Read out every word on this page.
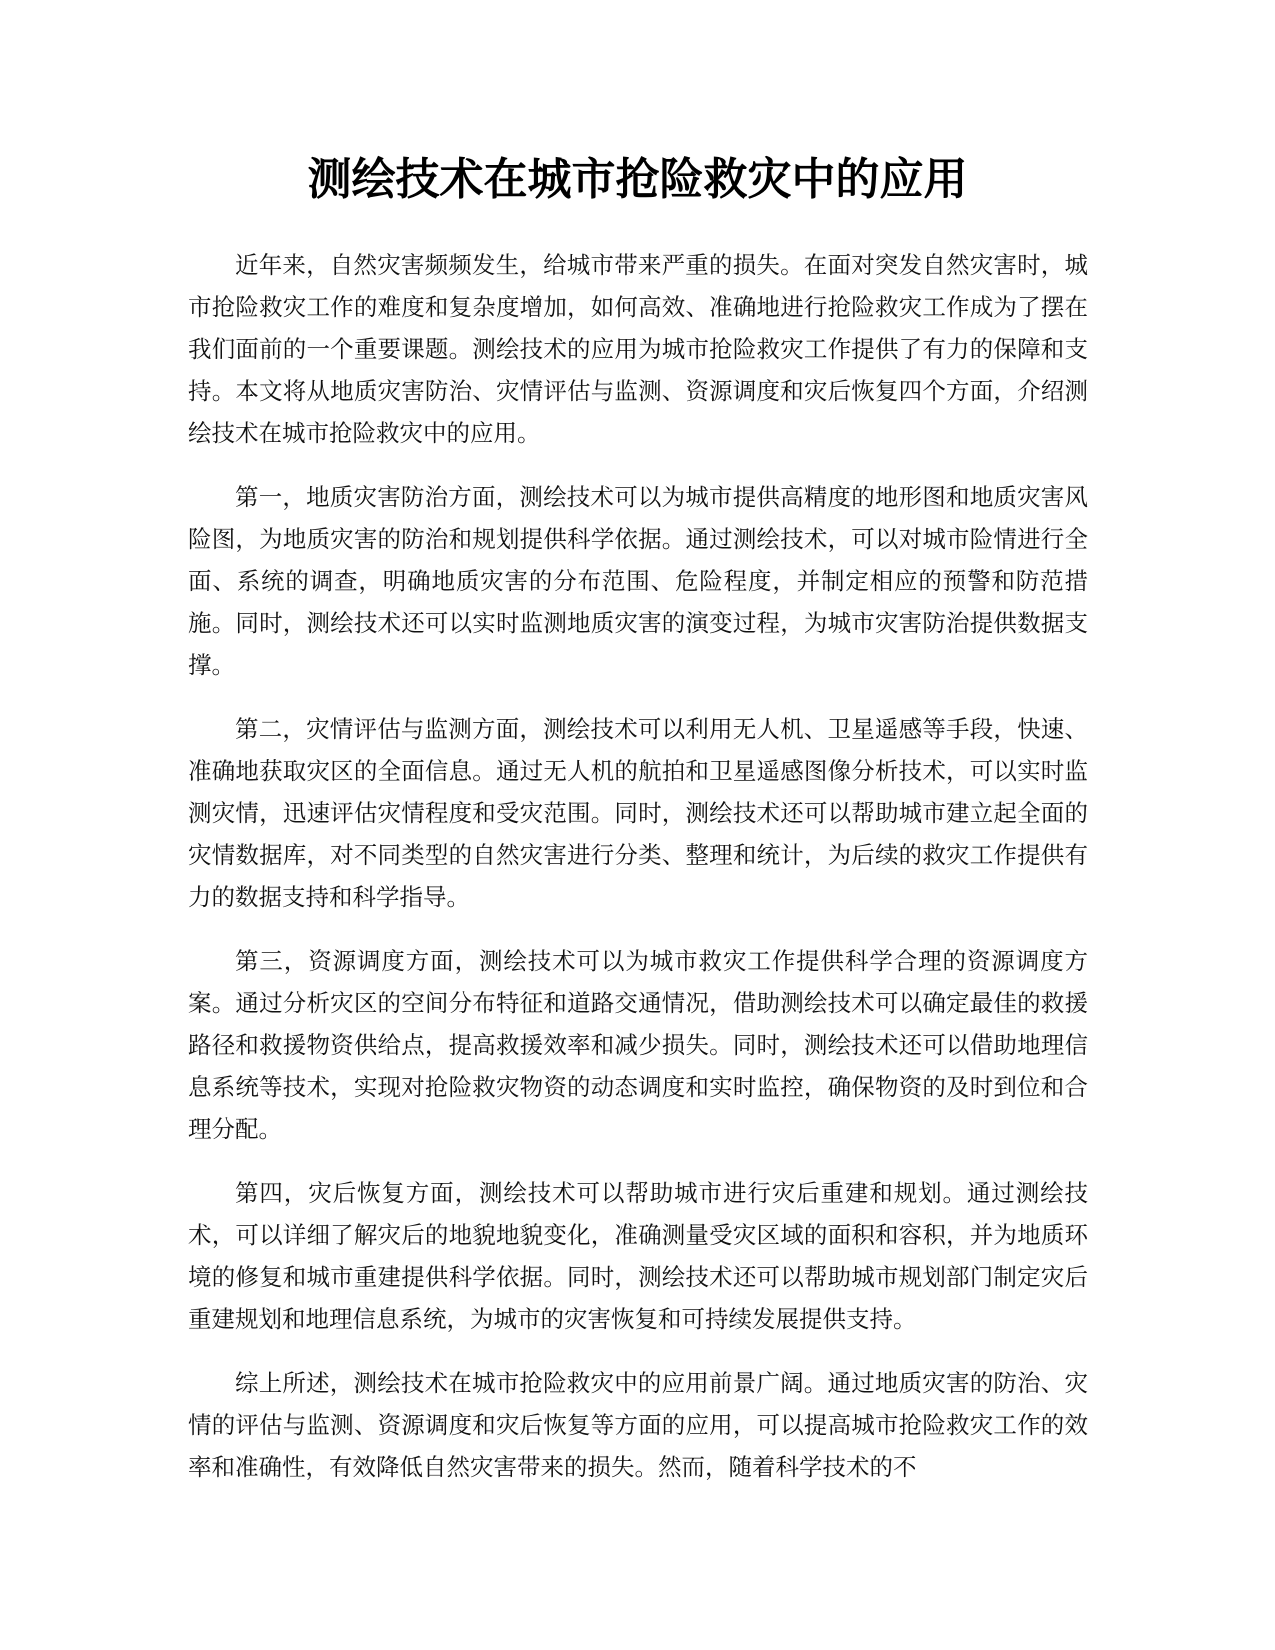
测绘技术在城市抢险救灾中的应用

近年来，自然灾害频频发生，给城市带来严重的损失。在面对突发自然灾害时，城市抢险救灾工作的难度和复杂度增加，如何高效、准确地进行抢险救灾工作成为了摆在我们面前的一个重要课题。测绘技术的应用为城市抢险救灾工作提供了有力的保障和支持。本文将从地质灾害防治、灾情评估与监测、资源调度和灾后恢复四个方面，介绍测绘技术在城市抢险救灾中的应用。

第一，地质灾害防治方面，测绘技术可以为城市提供高精度的地形图和地质灾害风险图，为地质灾害的防治和规划提供科学依据。通过测绘技术，可以对城市险情进行全面、系统的调查，明确地质灾害的分布范围、危险程度，并制定相应的预警和防范措施。同时，测绘技术还可以实时监测地质灾害的演变过程，为城市灾害防治提供数据支撑。

第二，灾情评估与监测方面，测绘技术可以利用无人机、卫星遥感等手段，快速、准确地获取灾区的全面信息。通过无人机的航拍和卫星遥感图像分析技术，可以实时监测灾情，迅速评估灾情程度和受灾范围。同时，测绘技术还可以帮助城市建立起全面的灾情数据库，对不同类型的自然灾害进行分类、整理和统计，为后续的救灾工作提供有力的数据支持和科学指导。

第三，资源调度方面，测绘技术可以为城市救灾工作提供科学合理的资源调度方案。通过分析灾区的空间分布特征和道路交通情况，借助测绘技术可以确定最佳的救援路径和救援物资供给点，提高救援效率和减少损失。同时，测绘技术还可以借助地理信息系统等技术，实现对抢险救灾物资的动态调度和实时监控，确保物资的及时到位和合理分配。

第四，灾后恢复方面，测绘技术可以帮助城市进行灾后重建和规划。通过测绘技术，可以详细了解灾后的地貌地貌变化，准确测量受灾区域的面积和容积，并为地质环境的修复和城市重建提供科学依据。同时，测绘技术还可以帮助城市规划部门制定灾后重建规划和地理信息系统，为城市的灾害恢复和可持续发展提供支持。

综上所述，测绘技术在城市抢险救灾中的应用前景广阔。通过地质灾害的防治、灾情的评估与监测、资源调度和灾后恢复等方面的应用，可以提高城市抢险救灾工作的效率和准确性，有效降低自然灾害带来的损失。然而，随着科学技术的不
